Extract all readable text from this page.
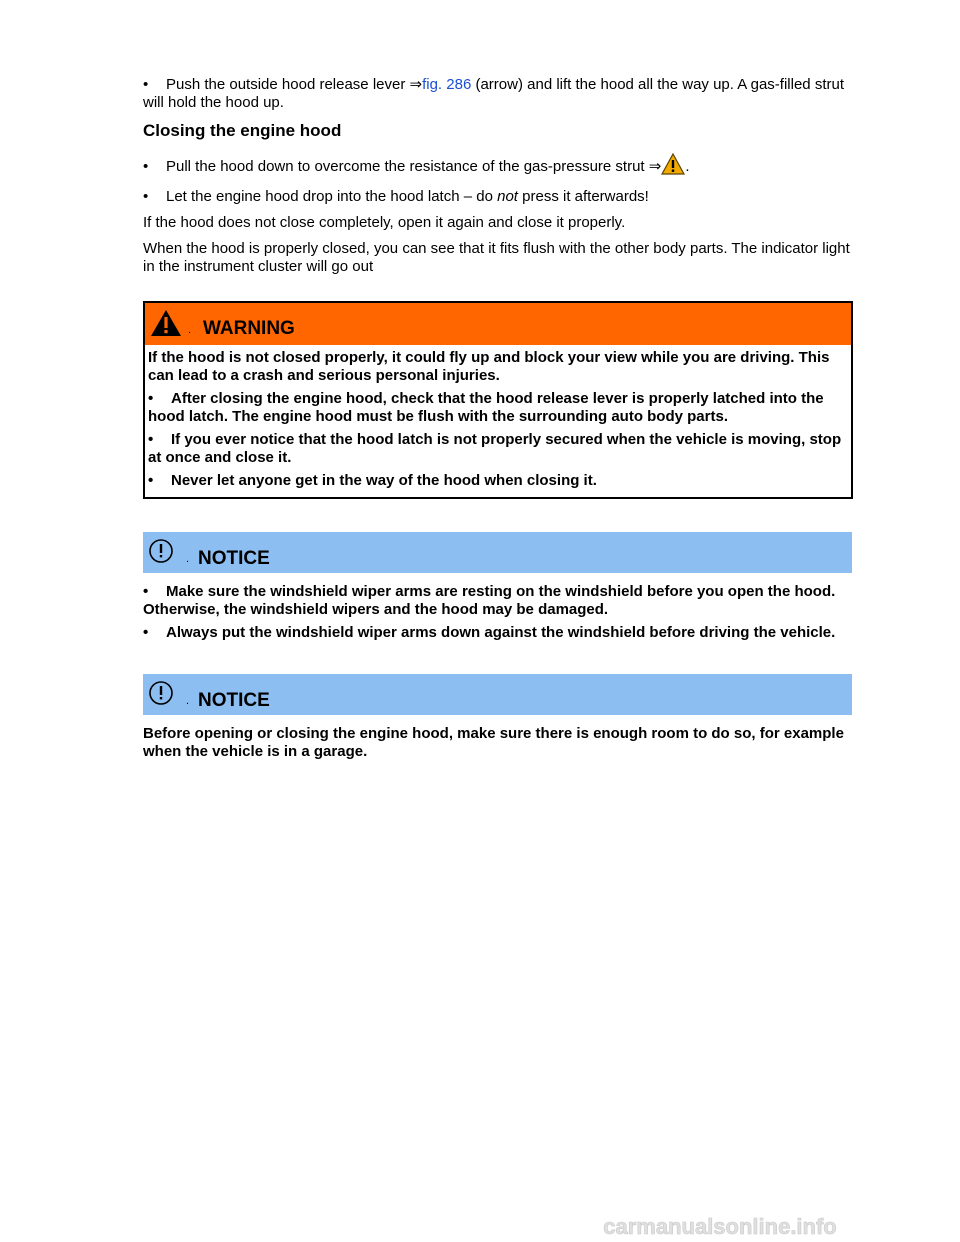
• Push the outside hood release lever ⇒fig. 286 (arrow) and lift the hood all the way up. A gas-filled strut will hold the hood up.
Closing the engine hood
• Pull the hood down to overcome the resistance of the gas-pressure strut ⇒ .
• Let the engine hood drop into the hood latch – do not press it afterwards!

If the hood does not close completely, open it again and close it properly.

When the hood is properly closed, you can see that it fits flush with the other body parts. The indicator light in the instrument cluster will go out

. WARNING

If the hood is not closed properly, it could fly up and block your view while you are driving. This can lead to a crash and serious personal injuries.

• After closing the engine hood, check that the hood release lever is properly latched into the hood latch. The engine hood must be flush with the surrounding auto body parts.
• If you ever notice that the hood latch is not properly secured when the vehicle is moving, stop at once and close it.
• Never let anyone get in the way of the hood when closing it.
. NOTICE
• Make sure the windshield wiper arms are resting on the windshield before you open the hood. Otherwise, the windshield wipers and the hood may be damaged.
• Always put the windshield wiper arms down against the windshield before driving the vehicle.
. NOTICE

Before opening or closing the engine hood, make sure there is enough room to do so, for example when the vehicle is in a garage.

carmanualsonline.info
